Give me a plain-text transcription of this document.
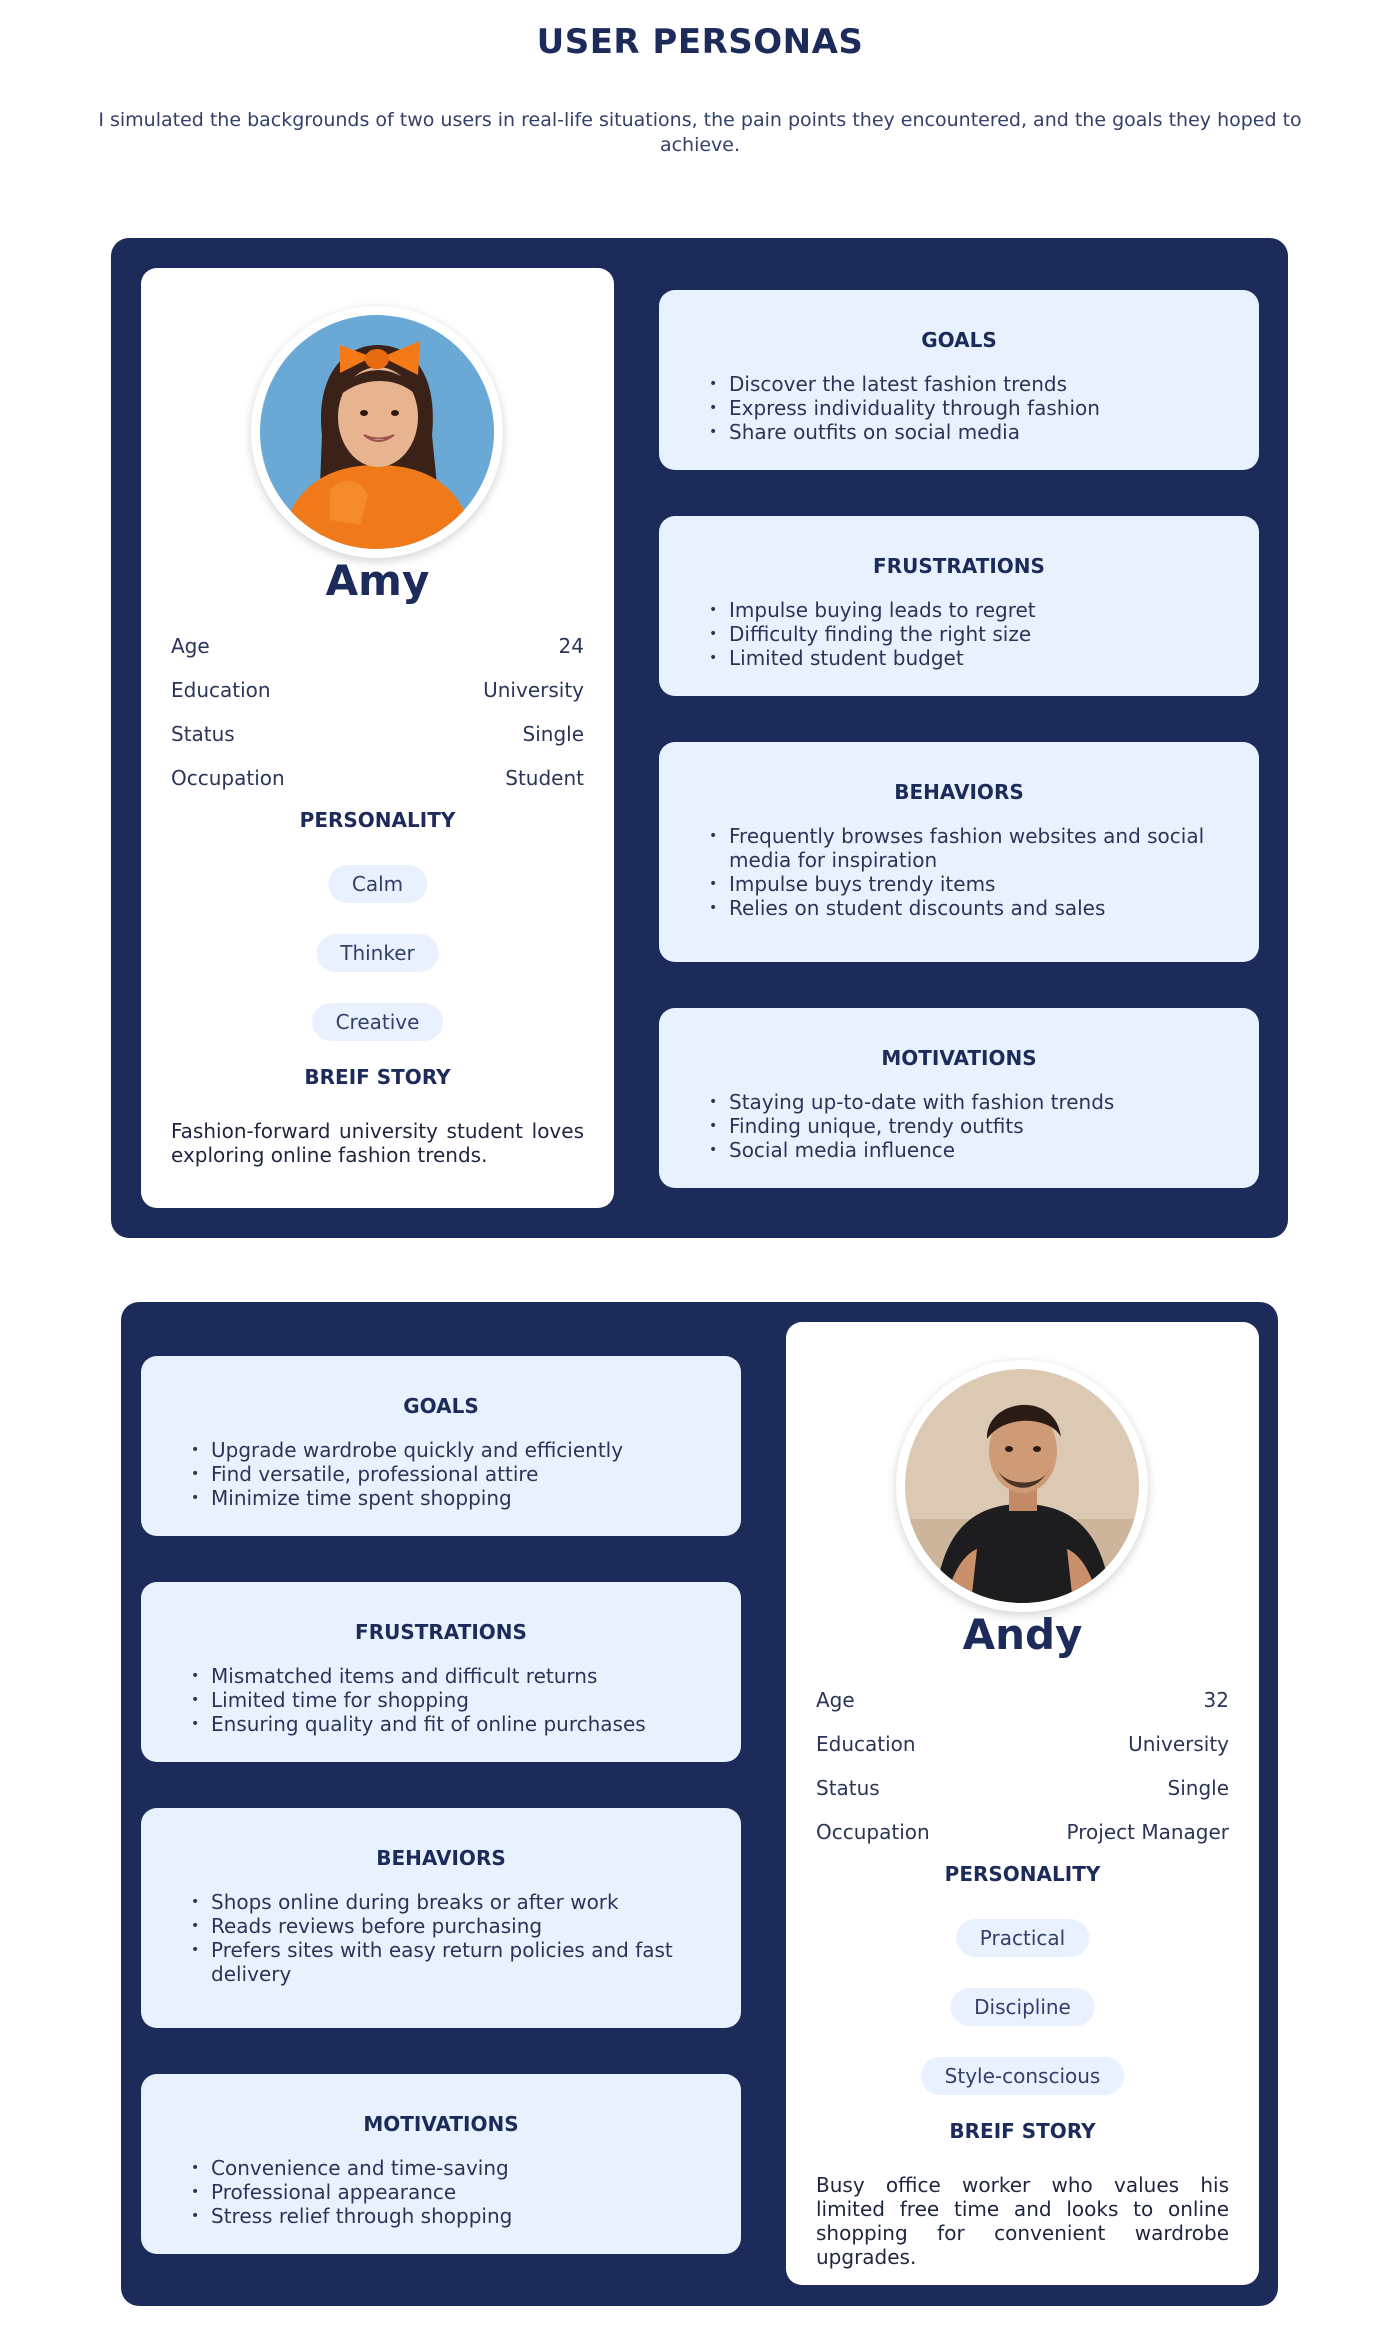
USER PERSONAS
I simulated the backgrounds of two users in real-life situations, the pain points they encountered, and the goals they hoped to achieve.
Amy
Age	24
Education	University
Status	Single
Occupation	Student
PERSONALITY
Calm
Thinker
Creative
BREIF STORY
Fashion-forward university student loves exploring online fashion trends.
GOALS
• Discover the latest fashion trends
• Express individuality through fashion
• Share outfits on social media
FRUSTRATIONS
• Impulse buying leads to regret
• Difficulty finding the right size
• Limited student budget
BEHAVIORS
• Frequently browses fashion websites and social media for inspiration
• Impulse buys trendy items
• Relies on student discounts and sales
MOTIVATIONS
• Staying up-to-date with fashion trends
• Finding unique, trendy outfits
• Social media influence
GOALS
• Upgrade wardrobe quickly and efficiently
• Find versatile, professional attire
• Minimize time spent shopping
FRUSTRATIONS
• Mismatched items and difficult returns
• Limited time for shopping
• Ensuring quality and fit of online purchases
BEHAVIORS
• Shops online during breaks or after work
• Reads reviews before purchasing
• Prefers sites with easy return policies and fast delivery
MOTIVATIONS
• Convenience and time-saving
• Professional appearance
• Stress relief through shopping
Andy
Age	32
Education	University
Status	Single
Occupation	Project Manager
PERSONALITY
Practical
Discipline
Style-conscious
BREIF STORY
Busy office worker who values his limited free time and looks to online shopping for convenient wardrobe upgrades.
